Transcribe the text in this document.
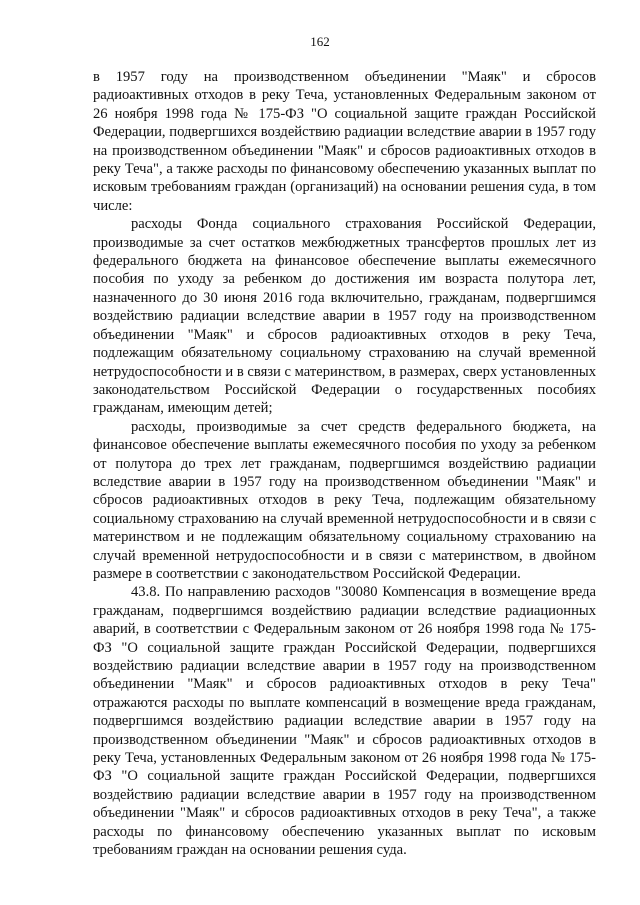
162

в 1957 году на производственном объединении "Маяк" и сбросов радиоактивных отходов в реку Теча, установленных Федеральным законом от 26 ноября 1998 года № 175-ФЗ "О социальной защите граждан Российской Федерации, подвергшихся воздействию радиации вследствие аварии в 1957 году на производственном объединении "Маяк" и сбросов радиоактивных отходов в реку Теча", а также расходы по финансовому обеспечению указанных выплат по исковым требованиям граждан (организаций) на основании решения суда, в том числе:

расходы Фонда социального страхования Российской Федерации, производимые за счет остатков межбюджетных трансфертов прошлых лет из федерального бюджета на финансовое обеспечение выплаты ежемесячного пособия по уходу за ребенком до достижения им возраста полутора лет, назначенного до 30 июня 2016 года включительно, гражданам, подвергшимся воздействию радиации вследствие аварии в 1957 году на производственном объединении "Маяк" и сбросов радиоактивных отходов в реку Теча, подлежащим обязательному социальному страхованию на случай временной нетрудоспособности и в связи с материнством, в размерах, сверх установленных законодательством Российской Федерации о государственных пособиях гражданам, имеющим детей;

расходы, производимые за счет средств федерального бюджета, на финансовое обеспечение выплаты ежемесячного пособия по уходу за ребенком от полутора до трех лет гражданам, подвергшимся воздействию радиации вследствие аварии в 1957 году на производственном объединении "Маяк" и сбросов радиоактивных отходов в реку Теча, подлежащим обязательному социальному страхованию на случай временной нетрудоспособности и в связи с материнством и не подлежащим обязательному социальному страхованию на случай временной нетрудоспособности и в связи с материнством, в двойном размере в соответствии с законодательством Российской Федерации.

43.8. По направлению расходов "30080 Компенсация в возмещение вреда гражданам, подвергшимся воздействию радиации вследствие радиационных аварий, в соответствии с Федеральным законом от 26 ноября 1998 года № 175-ФЗ "О социальной защите граждан Российской Федерации, подвергшихся воздействию радиации вследствие аварии в 1957 году на производственном объединении "Маяк" и сбросов радиоактивных отходов в реку Теча" отражаются расходы по выплате компенсаций в возмещение вреда гражданам, подвергшимся воздействию радиации вследствие аварии в 1957 году на производственном объединении "Маяк" и сбросов радиоактивных отходов в реку Теча, установленных Федеральным законом от 26 ноября 1998 года № 175-ФЗ "О социальной защите граждан Российской Федерации, подвергшихся воздействию радиации вследствие аварии в 1957 году на производственном объединении "Маяк" и сбросов радиоактивных отходов в реку Теча", а также расходы по финансовому обеспечению указанных выплат по исковым требованиям граждан на основании решения суда.
